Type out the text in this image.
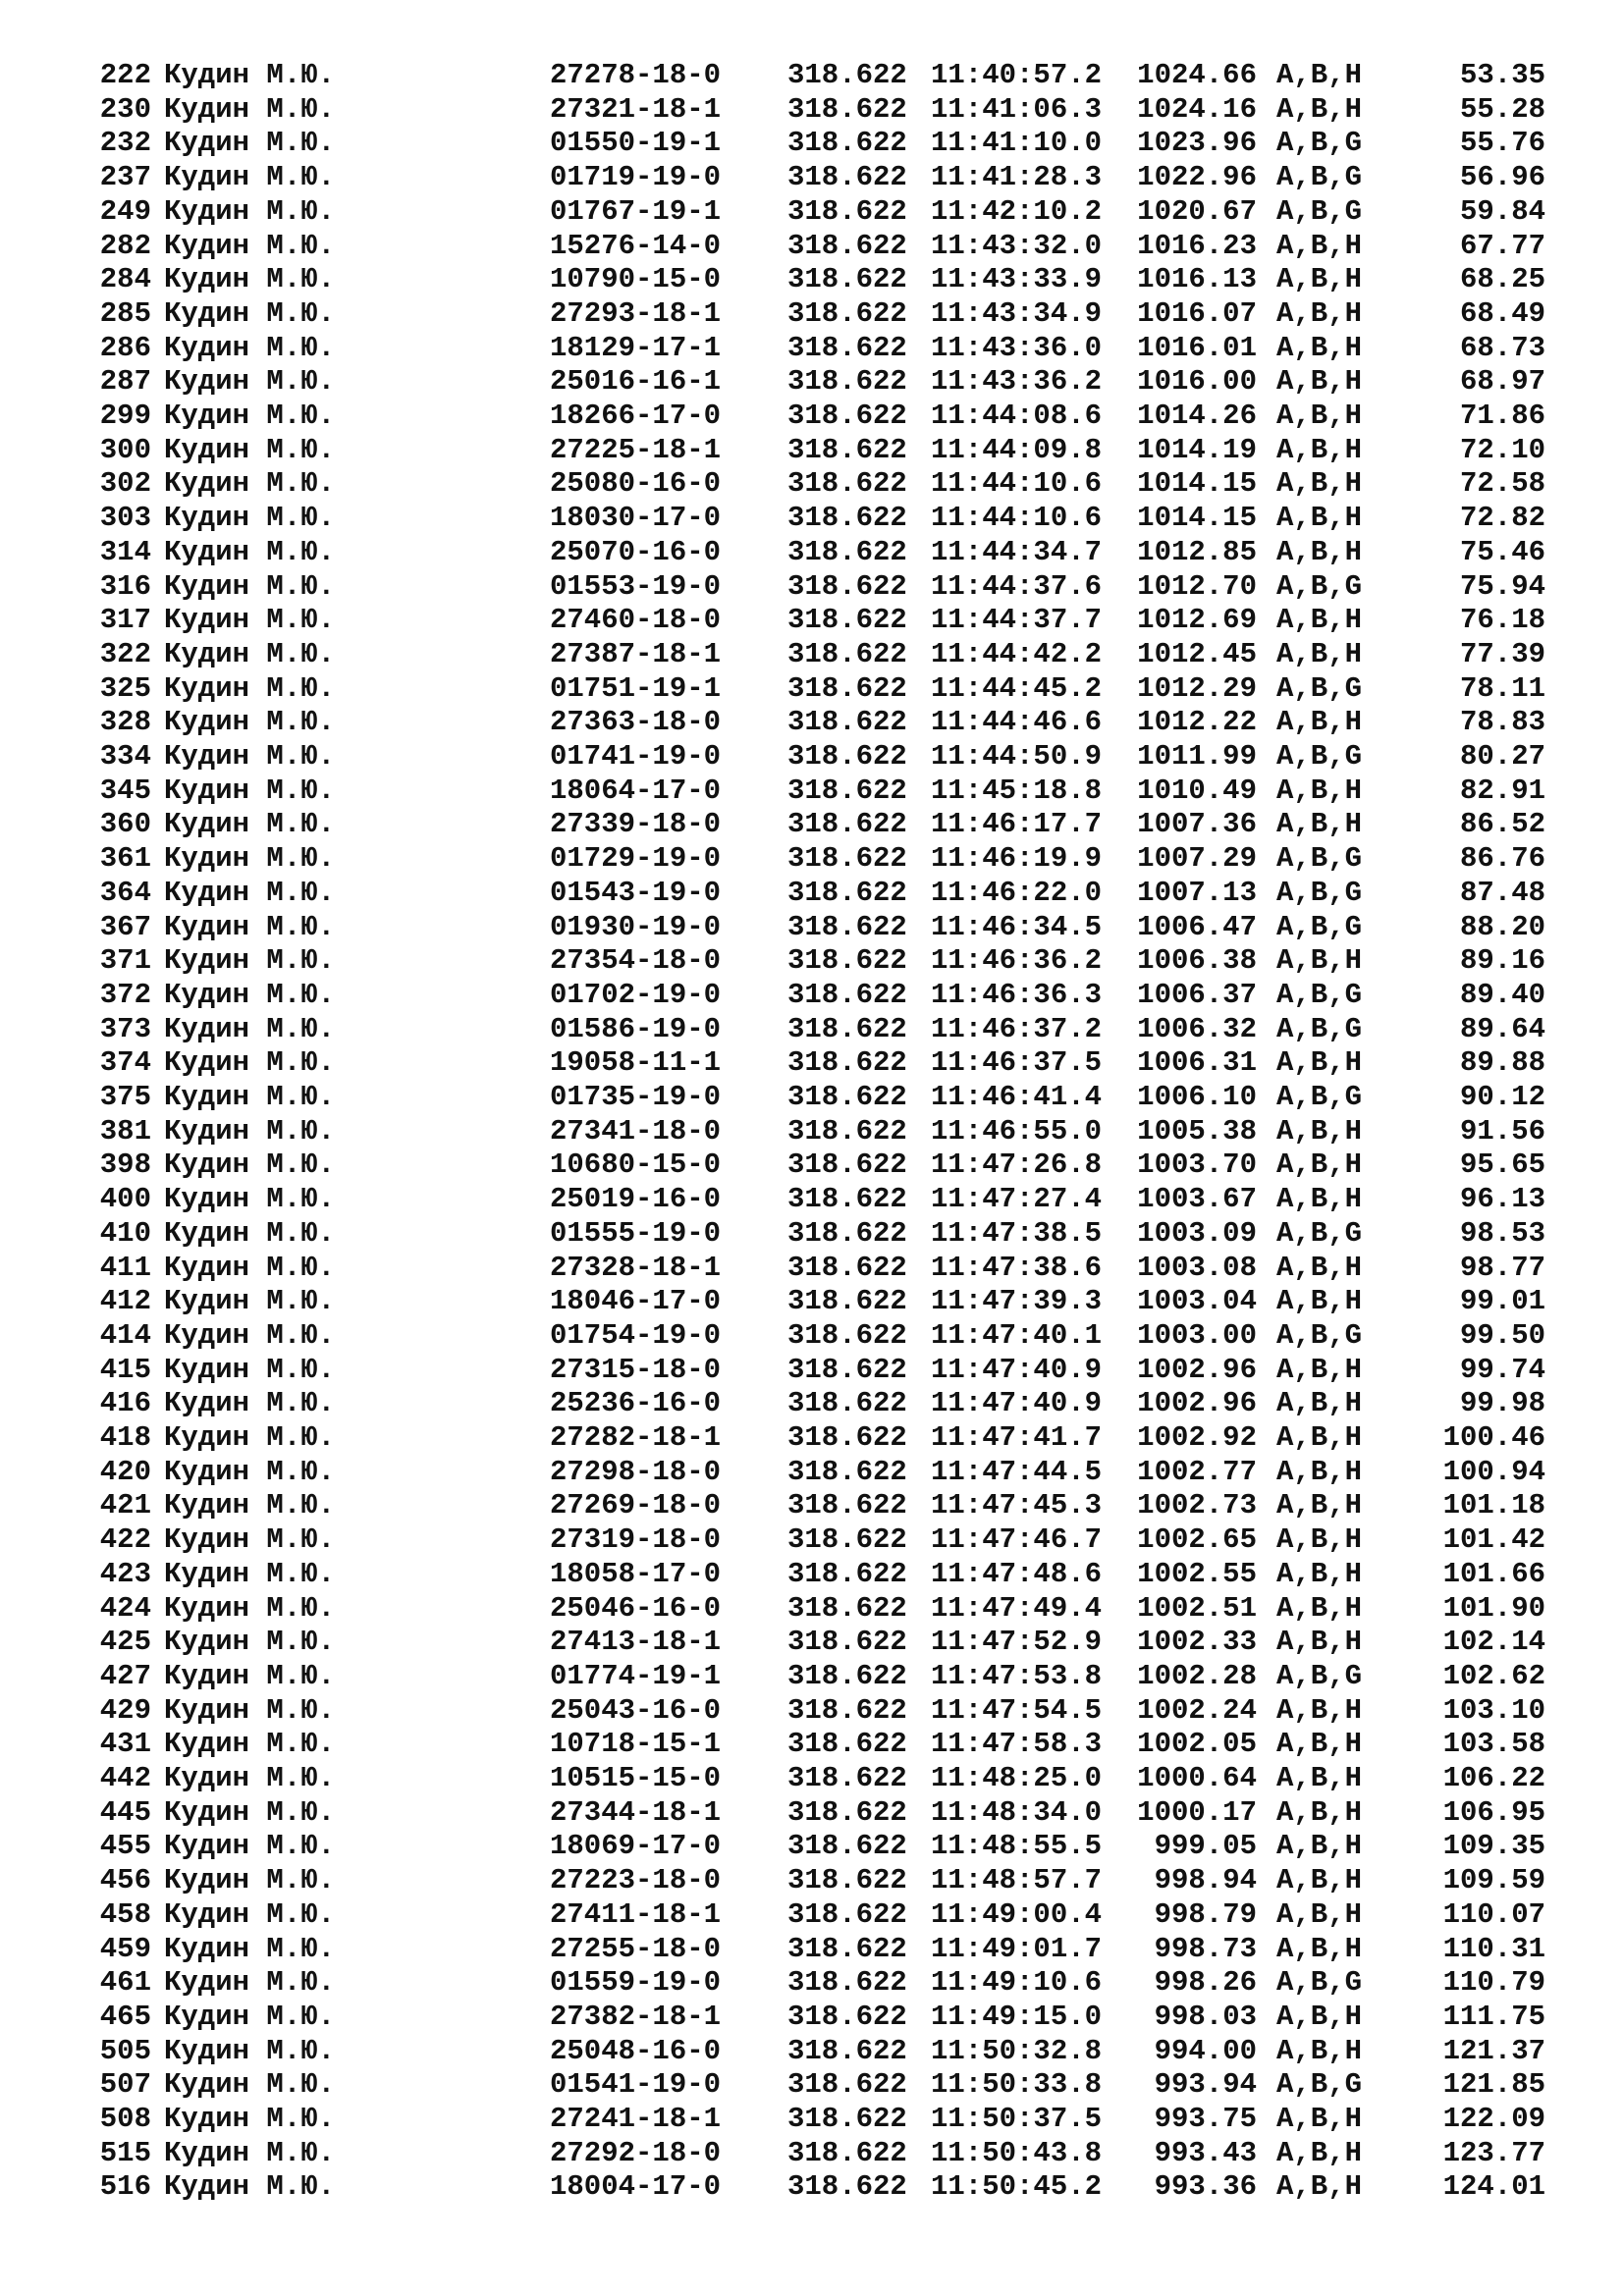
222 Кудин М.Ю.	27278-18-0 318.622 11:40:57.2	1024.66 A,B,H	53.35
230 Кудин М.Ю.	27321-18-1 318.622 11:41:06.3	1024.16 A,B,H	55.28
232 Кудин М.Ю.	01550-19-1 318.622 11:41:10.0	1023.96 A,B,G	55.76
237 Кудин М.Ю.	01719-19-0 318.622 11:41:28.3	1022.96 A,B,G	56.96
249 Кудин М.Ю.	01767-19-1 318.622 11:42:10.2	1020.67 A,B,G	59.84
282 Кудин М.Ю.	15276-14-0 318.622 11:43:32.0	1016.23 A,B,H	67.77
284 Кудин М.Ю.	10790-15-0 318.622 11:43:33.9	1016.13 A,B,H	68.25
285 Кудин М.Ю.	27293-18-1 318.622 11:43:34.9	1016.07 A,B,H	68.49
286 Кудин М.Ю.	18129-17-1 318.622 11:43:36.0	1016.01 A,B,H	68.73
287 Кудин М.Ю.	25016-16-1 318.622 11:43:36.2	1016.00 A,B,H	68.97
299 Кудин М.Ю.	18266-17-0 318.622 11:44:08.6	1014.26 A,B,H	71.86
300 Кудин М.Ю.	27225-18-1 318.622 11:44:09.8	1014.19 A,B,H	72.10
302 Кудин М.Ю.	25080-16-0 318.622 11:44:10.6	1014.15 A,B,H	72.58
303 Кудин М.Ю.	18030-17-0 318.622 11:44:10.6	1014.15 A,B,H	72.82
314 Кудин М.Ю.	25070-16-0 318.622 11:44:34.7	1012.85 A,B,H	75.46
316 Кудин М.Ю.	01553-19-0 318.622 11:44:37.6	1012.70 A,B,G	75.94
317 Кудин М.Ю.	27460-18-0 318.622 11:44:37.7	1012.69 A,B,H	76.18
322 Кудин М.Ю.	27387-18-1 318.622 11:44:42.2	1012.45 A,B,H	77.39
325 Кудин М.Ю.	01751-19-1 318.622 11:44:45.2	1012.29 A,B,G	78.11
328 Кудин М.Ю.	27363-18-0 318.622 11:44:46.6	1012.22 A,B,H	78.83
334 Кудин М.Ю.	01741-19-0 318.622 11:44:50.9	1011.99 A,B,G	80.27
345 Кудин М.Ю.	18064-17-0 318.622 11:45:18.8	1010.49 A,B,H	82.91
360 Кудин М.Ю.	27339-18-0 318.622 11:46:17.7	1007.36 A,B,H	86.52
361 Кудин М.Ю.	01729-19-0 318.622 11:46:19.9	1007.29 A,B,G	86.76
364 Кудин М.Ю.	01543-19-0 318.622 11:46:22.0	1007.13 A,B,G	87.48
367 Кудин М.Ю.	01930-19-0 318.622 11:46:34.5	1006.47 A,B,G	88.20
371 Кудин М.Ю.	27354-18-0 318.622 11:46:36.2	1006.38 A,B,H	89.16
372 Кудин М.Ю.	01702-19-0 318.622 11:46:36.3	1006.37 A,B,G	89.40
373 Кудин М.Ю.	01586-19-0 318.622 11:46:37.2	1006.32 A,B,G	89.64
374 Кудин М.Ю.	19058-11-1 318.622 11:46:37.5	1006.31 A,B,H	89.88
375 Кудин М.Ю.	01735-19-0 318.622 11:46:41.4	1006.10 A,B,G	90.12
381 Кудин М.Ю.	27341-18-0 318.622 11:46:55.0	1005.38 A,B,H	91.56
398 Кудин М.Ю.	10680-15-0 318.622 11:47:26.8	1003.70 A,B,H	95.65
400 Кудин М.Ю.	25019-16-0 318.622 11:47:27.4	1003.67 A,B,H	96.13
410 Кудин М.Ю.	01555-19-0 318.622 11:47:38.5	1003.09 A,B,G	98.53
411 Кудин М.Ю.	27328-18-1 318.622 11:47:38.6	1003.08 A,B,H	98.77
412 Кудин М.Ю.	18046-17-0 318.622 11:47:39.3	1003.04 A,B,H	99.01
414 Кудин М.Ю.	01754-19-0 318.622 11:47:40.1	1003.00 A,B,G	99.50
415 Кудин М.Ю.	27315-18-0 318.622 11:47:40.9	1002.96 A,B,H	99.74
416 Кудин М.Ю.	25236-16-0 318.622 11:47:40.9	1002.96 A,B,H	99.98
418 Кудин М.Ю.	27282-18-1 318.622 11:47:41.7	1002.92 A,B,H	100.46
420 Кудин М.Ю.	27298-18-0 318.622 11:47:44.5	1002.77 A,B,H	100.94
421 Кудин М.Ю.	27269-18-0 318.622 11:47:45.3	1002.73 A,B,H	101.18
422 Кудин М.Ю.	27319-18-0 318.622 11:47:46.7	1002.65 A,B,H	101.42
423 Кудин М.Ю.	18058-17-0 318.622 11:47:48.6	1002.55 A,B,H	101.66
424 Кудин М.Ю.	25046-16-0 318.622 11:47:49.4	1002.51 A,B,H	101.90
425 Кудин М.Ю.	27413-18-1 318.622 11:47:52.9	1002.33 A,B,H	102.14
427 Кудин М.Ю.	01774-19-1 318.622 11:47:53.8	1002.28 A,B,G	102.62
429 Кудин М.Ю.	25043-16-0 318.622 11:47:54.5	1002.24 A,B,H	103.10
431 Кудин М.Ю.	10718-15-1 318.622 11:47:58.3	1002.05 A,B,H	103.58
442 Кудин М.Ю.	10515-15-0 318.622 11:48:25.0	1000.64 A,B,H	106.22
445 Кудин М.Ю.	27344-18-1 318.622 11:48:34.0	1000.17 A,B,H	106.95
455 Кудин М.Ю.	18069-17-0 318.622 11:48:55.5	999.05 A,B,H	109.35
456 Кудин М.Ю.	27223-18-0 318.622 11:48:57.7	998.94 A,B,H	109.59
458 Кудин М.Ю.	27411-18-1 318.622 11:49:00.4	998.79 A,B,H	110.07
459 Кудин М.Ю.	27255-18-0 318.622 11:49:01.7	998.73 A,B,H	110.31
461 Кудин М.Ю.	01559-19-0 318.622 11:49:10.6	998.26 A,B,G	110.79
465 Кудин М.Ю.	27382-18-1 318.622 11:49:15.0	998.03 A,B,H	111.75
505 Кудин М.Ю.	25048-16-0 318.622 11:50:32.8	994.00 A,B,H	121.37
507 Кудин М.Ю.	01541-19-0 318.622 11:50:33.8	993.94 A,B,G	121.85
508 Кудин М.Ю.	27241-18-1 318.622 11:50:37.5	993.75 A,B,H	122.09
515 Кудин М.Ю.	27292-18-0 318.622 11:50:43.8	993.43 A,B,H	123.77
516 Кудин М.Ю.	18004-17-0 318.622 11:50:45.2	993.36 A,B,H	124.01
